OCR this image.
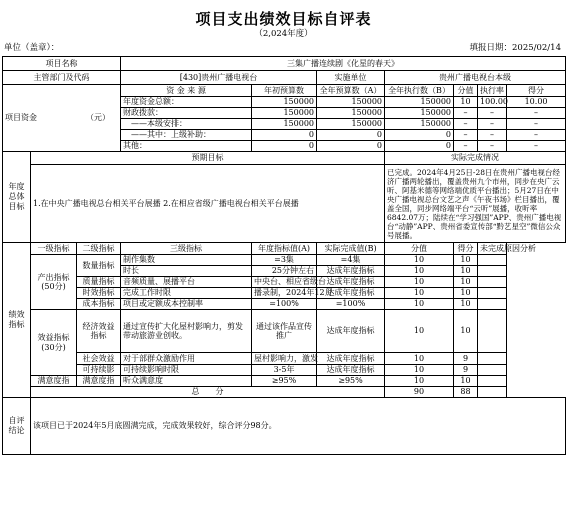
项目支出绩效目标自评表
（2,024年度）
单位（盖章）：	填报日期：2025/02/14
项目名称			三集广播连续剧《化星的春天》						
主管部门及代码			[430]贵州广播电视台		实施单位	贵州广播电视台本级			
项目资金 （元）			资 金 来 源	年初预算数	全年预算数（A）	全年执行数（B）	分值	执行率	得分
			年度资金总额：	150000	150000	150000	10	100.00	10.00
			财政拨款：	150000	150000	150000	–	–	–
			——本级安排：	150000	150000	150000	–	–	–
			——其中：上级补助：	0	0	0	–	–	–
			其他：	0	0	0	–	–	–
年度总体目标	预期目标					实际完成情况			
	1.在中央广播电视总台相关平台展播 2.在相应省级广播电视台相关平台展播					已完成。2024年4月25日-28日在贵州广播电视台经济广播两轮播出，覆盖贵州九个市州，同步在央广云听、阿基米德等网络端优质平台播出；5月27日在中央广播电视总台文艺之声《午夜书场》栏目播出，覆盖全国，同步网络端平台“云听”展播，收听率6842.07万；陆续在“学习强国”APP、贵州广播电视台“动静”APP、贵州省委宣传部“黔艺星空”微信公众号展播。			
绩效指标	一级指标	二级指标	三级指标	年度指标值(A)	实际完成值(B)	分值	得分	未完成原因分析	
	产出指标
(50分)	数量指标	制作集数	=3集	=4集	10	10		
			时长	25分钟左右	达成年度指标	10	10		
		质量指标	音频质量、展播平台	中央台、相应省级台	达成年度指标	10	10		
		时效指标	完成工作时限	播录制，2024年12月	达成年度指标	10	10		
		成本指标	项目或定额成本控制率	=100%	=100%	10	10		
	效益指标
(30分)	经济效益指标	通过宣传扩大化屋村影响力，剪发带动旅游业创收。	通过该作品宣传推广	达成年度指标	10	10		
		社会效益	对于部群众激励作用	屋村影响力，激发	达成年度指标	10	9		
		可持续影	可持续影响时限	3-5年	达成年度指标	10	9		
	满意度指	满意度指	听众满意度	≥95%	≥95%	10	10		
	总　　分					90	88		
自评结论	该项目已于2024年5月底圆满完成，完成效果较好，综合评分98分。								
